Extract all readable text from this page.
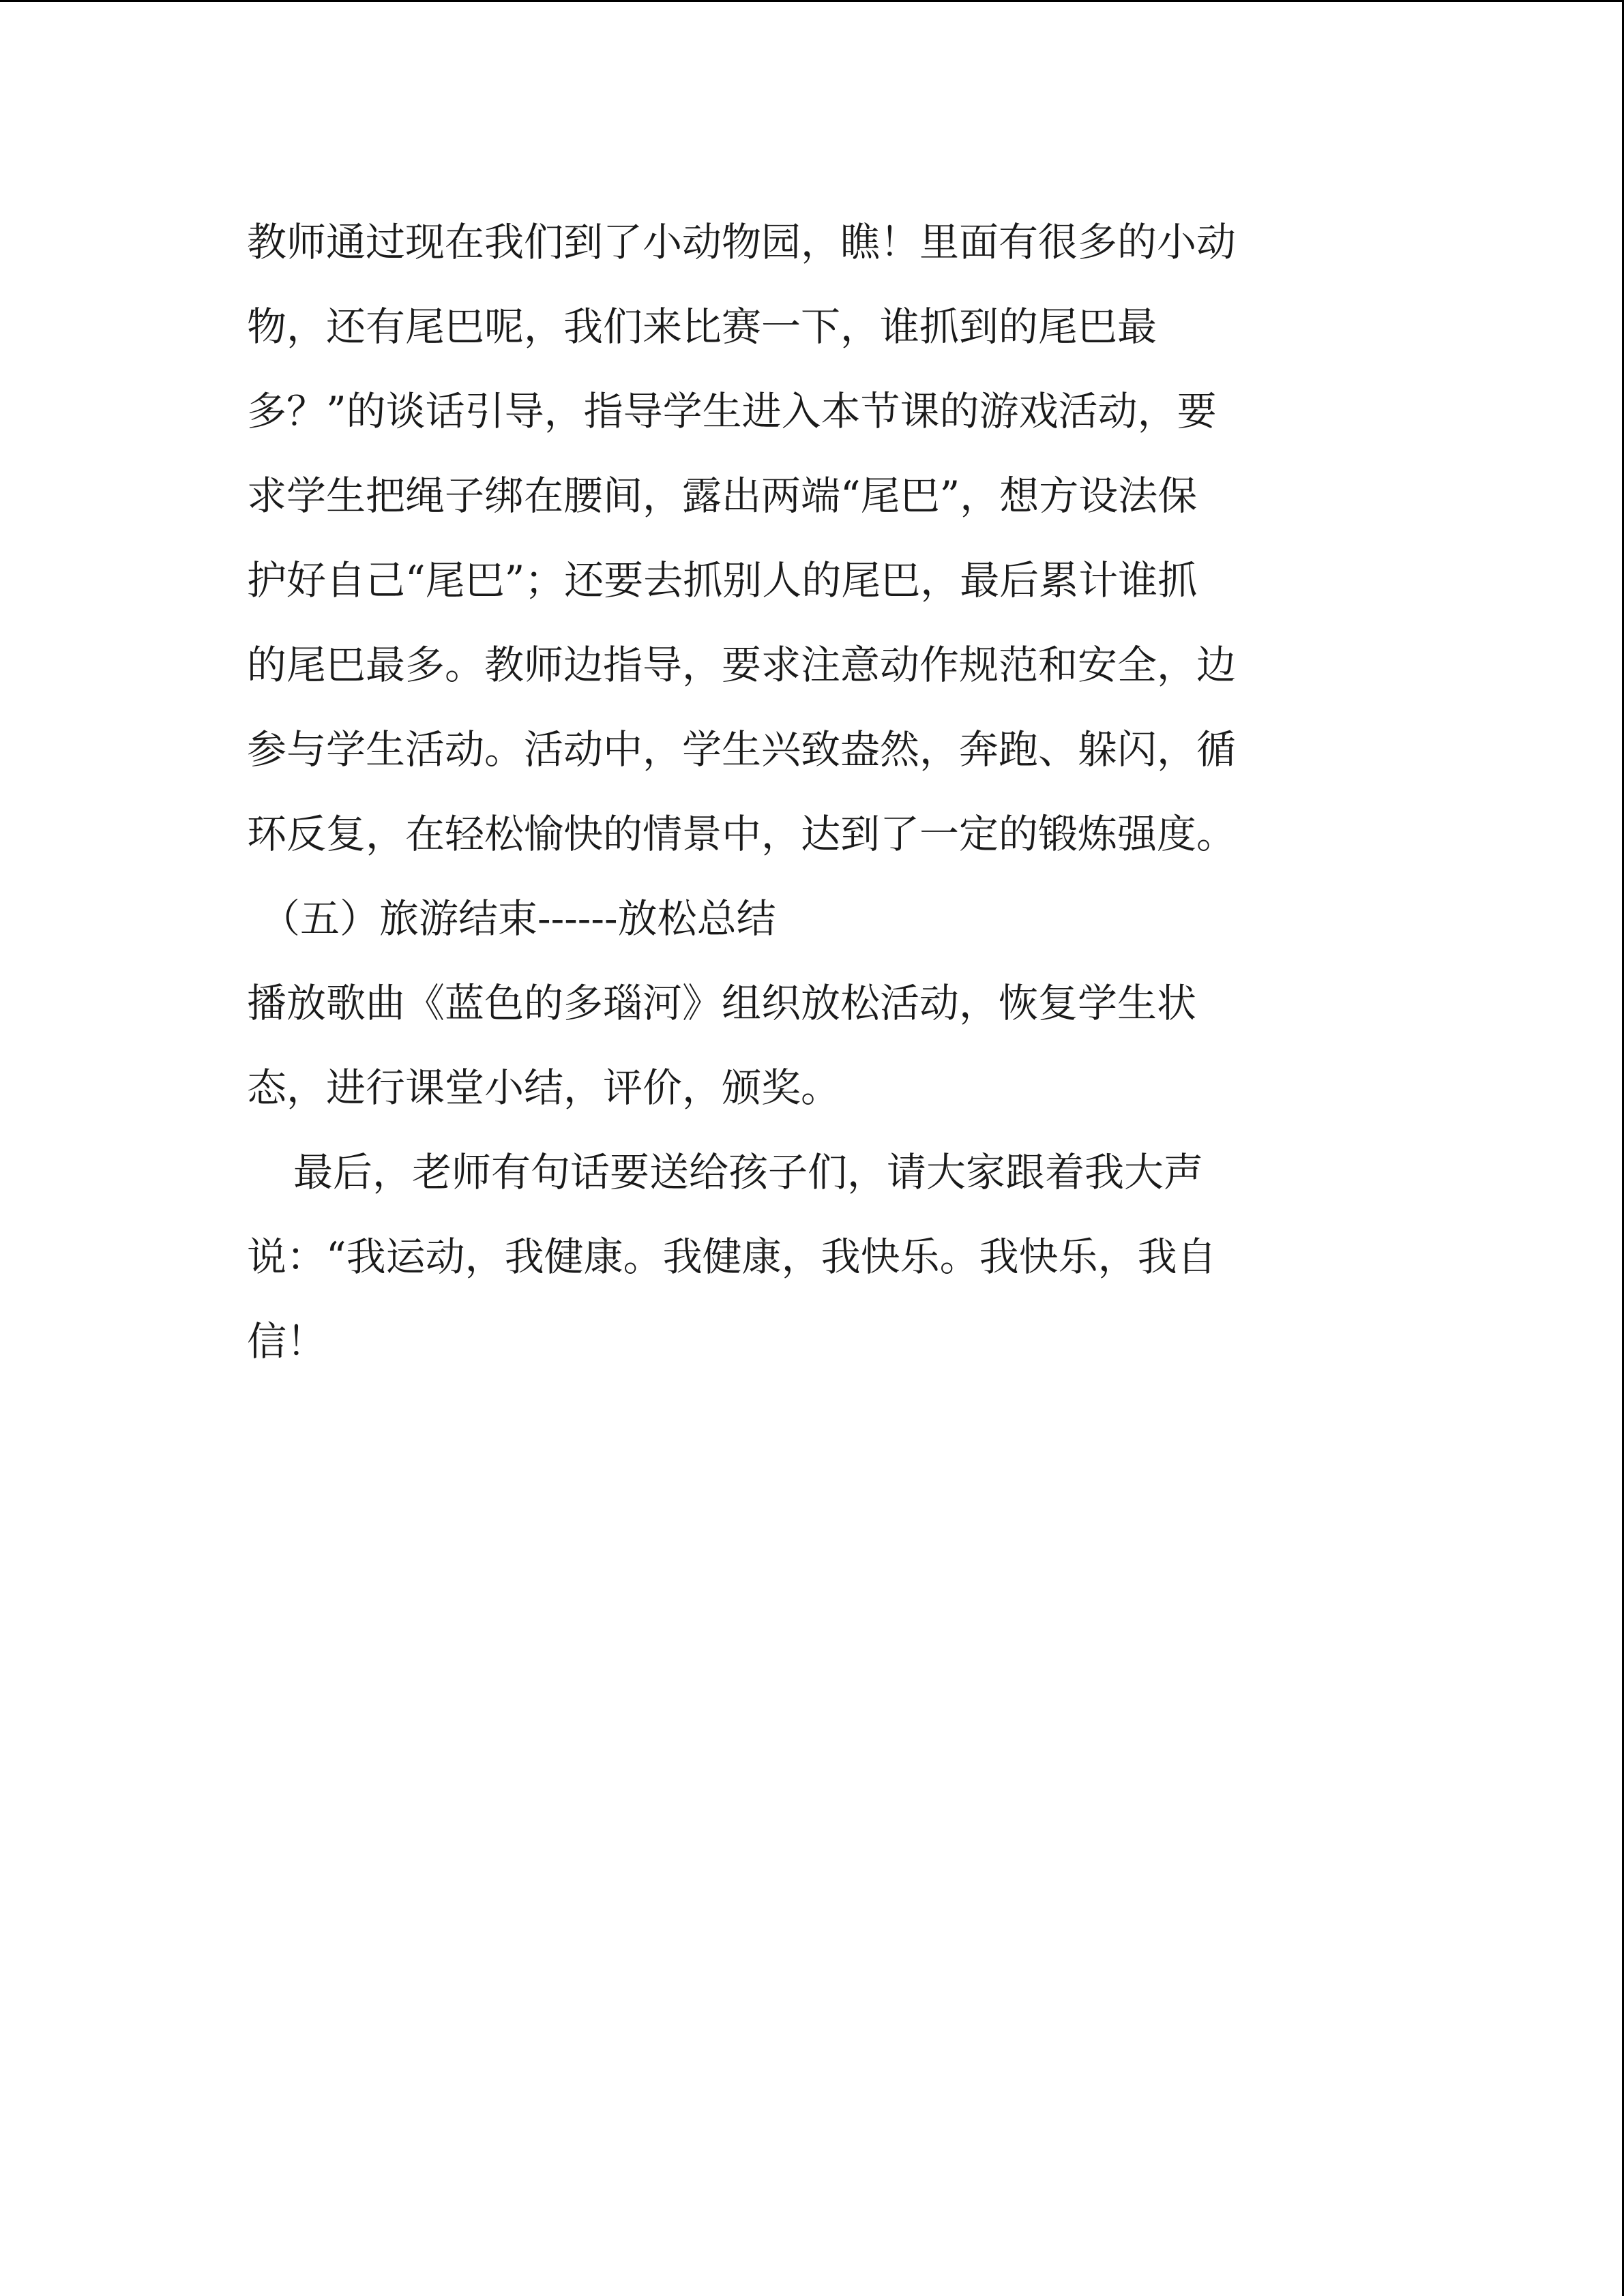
教师通过现在我们到了小动物园，瞧！里面有很多的小动
物，还有尾巴呢，我们来比赛一下，谁抓到的尾巴最
多？”的谈话引导，指导学生进入本节课的游戏活动，要
求学生把绳子绑在腰间，露出两端“尾巴”，想方设法保
护好自己“尾巴”；还要去抓别人的尾巴，最后累计谁抓
的尾巴最多。教师边指导，要求注意动作规范和安全，边
参与学生活动。活动中，学生兴致盎然，奔跑、躲闪，循
环反复，在轻松愉快的情景中，达到了一定的锻炼强度。
（五）旅游结束------放松总结
播放歌曲《蓝色的多瑙河》组织放松活动，恢复学生状
态，进行课堂小结，评价，颁奖。
最后，老师有句话要送给孩子们，请大家跟着我大声
说：“我运动，我健康。我健康，我快乐。我快乐，我自
信！
